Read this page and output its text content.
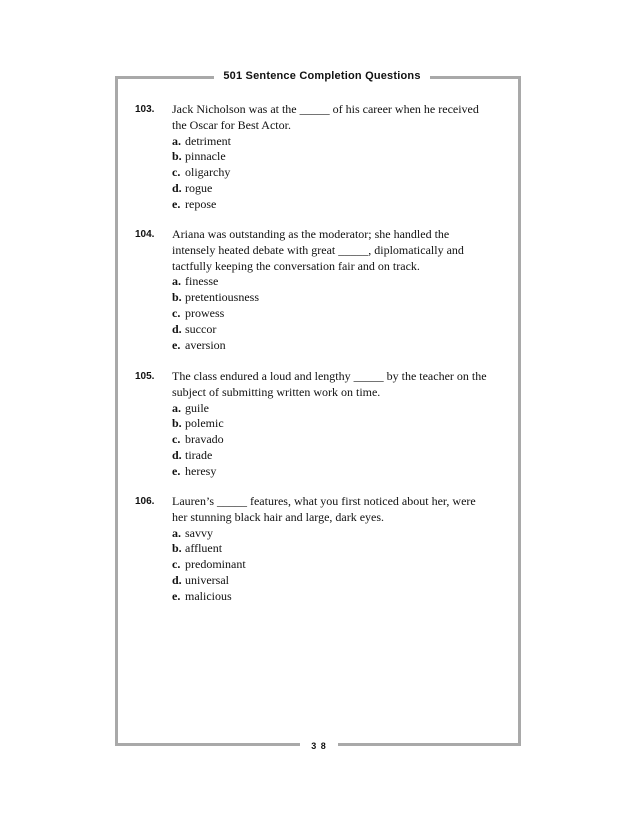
501 Sentence Completion Questions
3 8
103. Jack Nicholson was at the _____ of his career when he received
the Oscar for Best Actor.
a. detriment
b. pinnacle
c. oligarchy
d. rogue
e. repose
104. Ariana was outstanding as the moderator; she handled the
intensely heated debate with great _____, diplomatically and
tactfully keeping the conversation fair and on track.
a. finesse
b. pretentiousness
c. prowess
d. succor
e. aversion
105. The class endured a loud and lengthy _____ by the teacher on the
subject of submitting written work on time.
a. guile
b. polemic
c. bravado
d. tirade
e. heresy
106. Lauren’s _____ features, what you first noticed about her, were
her stunning black hair and large, dark eyes.
a. savvy
b. affluent
c. predominant
d. universal
e. malicious
